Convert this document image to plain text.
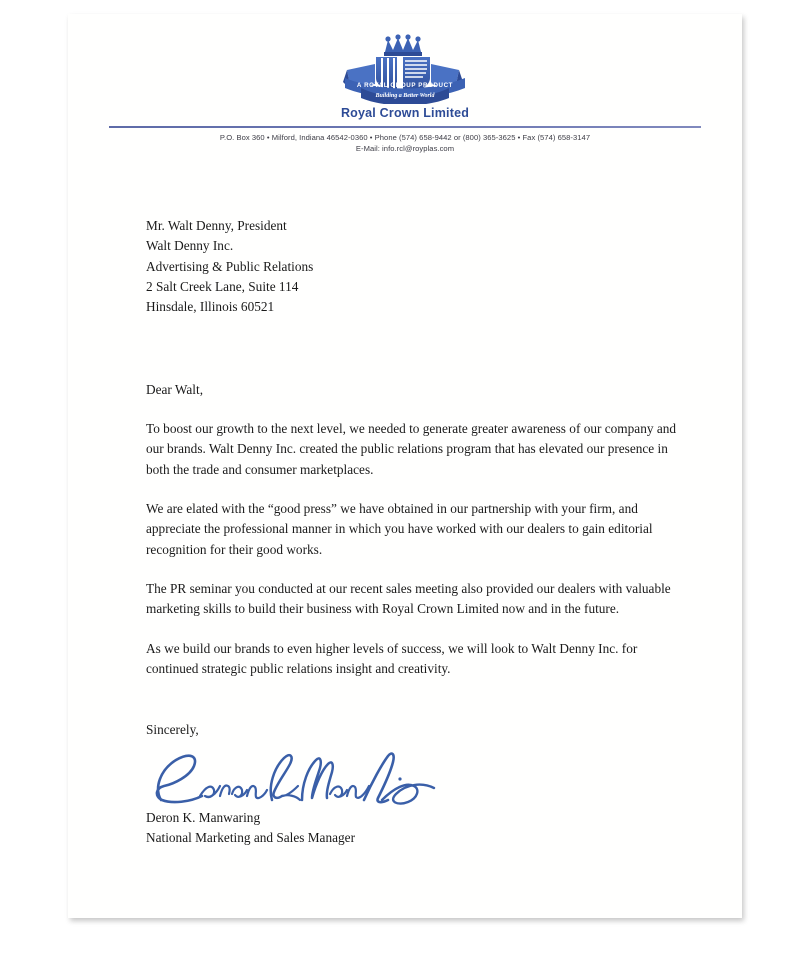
A ROYAL GROUP PRODUCT
Building a Better World
Royal Crown Limited
P.O. Box 360 • Milford, Indiana 46542-0360 • Phone (574) 658-9442 or (800) 365-3625 • Fax (574) 658-3147
E-Mail: info.rcl@royplas.com
Mr. Walt Denny, President
Walt Denny Inc.
Advertising & Public Relations
2 Salt Creek Lane, Suite 114
Hinsdale, Illinois 60521
Dear Walt,
To boost our growth to the next level, we needed to generate greater awareness of our company and our brands. Walt Denny Inc. created the public relations program that has elevated our presence in both the trade and consumer marketplaces.
We are elated with the “good press” we have obtained in our partnership with your firm, and appreciate the professional manner in which you have worked with our dealers to gain editorial recognition for their good works.
The PR seminar you conducted at our recent sales meeting also provided our dealers with valuable marketing skills to build their business with Royal Crown Limited now and in the future.
As we build our brands to even higher levels of success, we will look to Walt Denny Inc. for continued strategic public relations insight and creativity.
Sincerely,
Deron K. Manwaring
National Marketing and Sales Manager
